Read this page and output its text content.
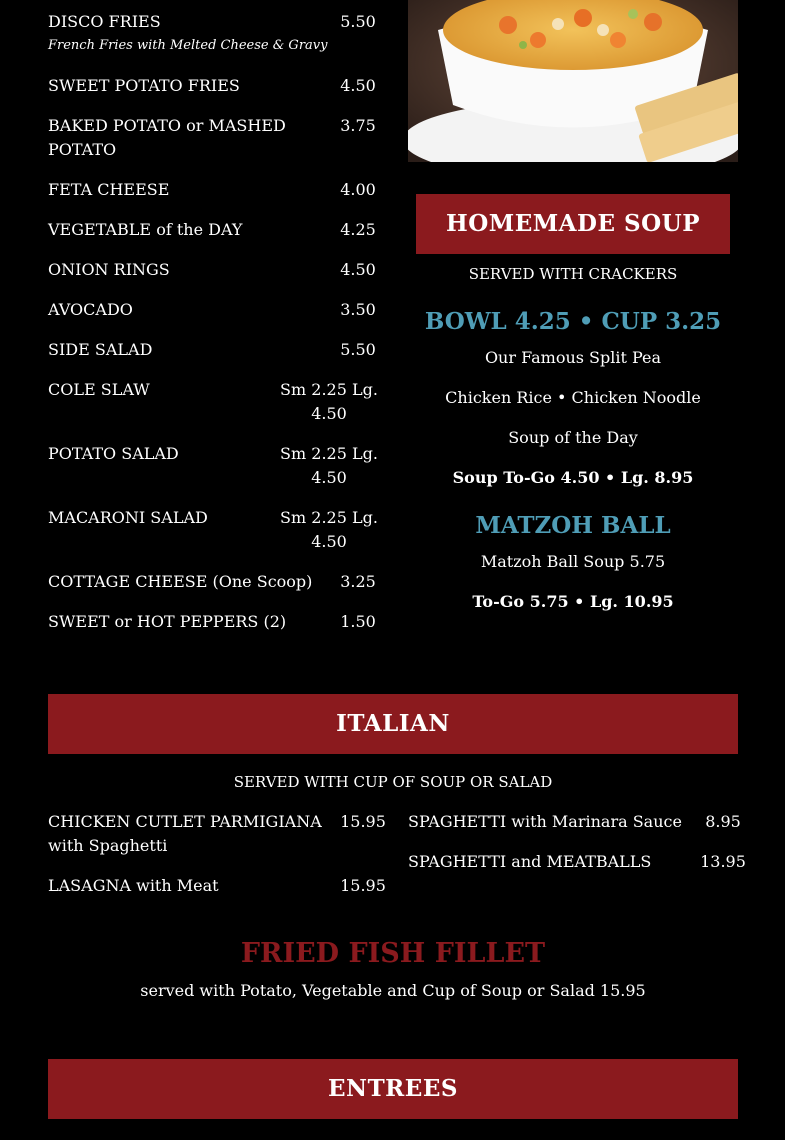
DISCO FRIES	5.50
French Fries with Melted Cheese & Gravy
SWEET POTATO FRIES	4.50
BAKED POTATO or MASHED
POTATO
3.75
FETA CHEESE	4.00
VEGETABLE of the DAY	4.25
ONION RINGS	4.50
AVOCADO	3.50
SIDE SALAD	5.50
COLE SLAW	Sm 2.25 Lg.
4.50
POTATO SALAD	Sm 2.25 Lg.
4.50
MACARONI SALAD	Sm 2.25 Lg.
4.50
COTTAGE CHEESE (One Scoop) 3.25
SWEET or HOT PEPPERS (2)	1.50
HOMEMADE SOUP
SERVED WITH CRACKERS
BOWL 4.25 • CUP 3.25
Our Famous Split Pea
Chicken Rice • Chicken Noodle
Soup of the Day
Soup To-Go 4.50 • Lg. 8.95
MATZOH BALL
Matzoh Ball Soup 5.75
To-Go 5.75 • Lg. 10.95
ITALIAN
SERVED WITH CUP OF SOUP OR SALAD
CHICKEN CUTLET PARMIGIANA
with Spaghetti
15.95
LASAGNA with Meat	15.95
SPAGHETTI with Marinara Sauce	8.95
SPAGHETTI and MEATBALLS	13.95
FRIED FISH FILLET
served with Potato, Vegetable and Cup of Soup or Salad 15.95
ENTREES
